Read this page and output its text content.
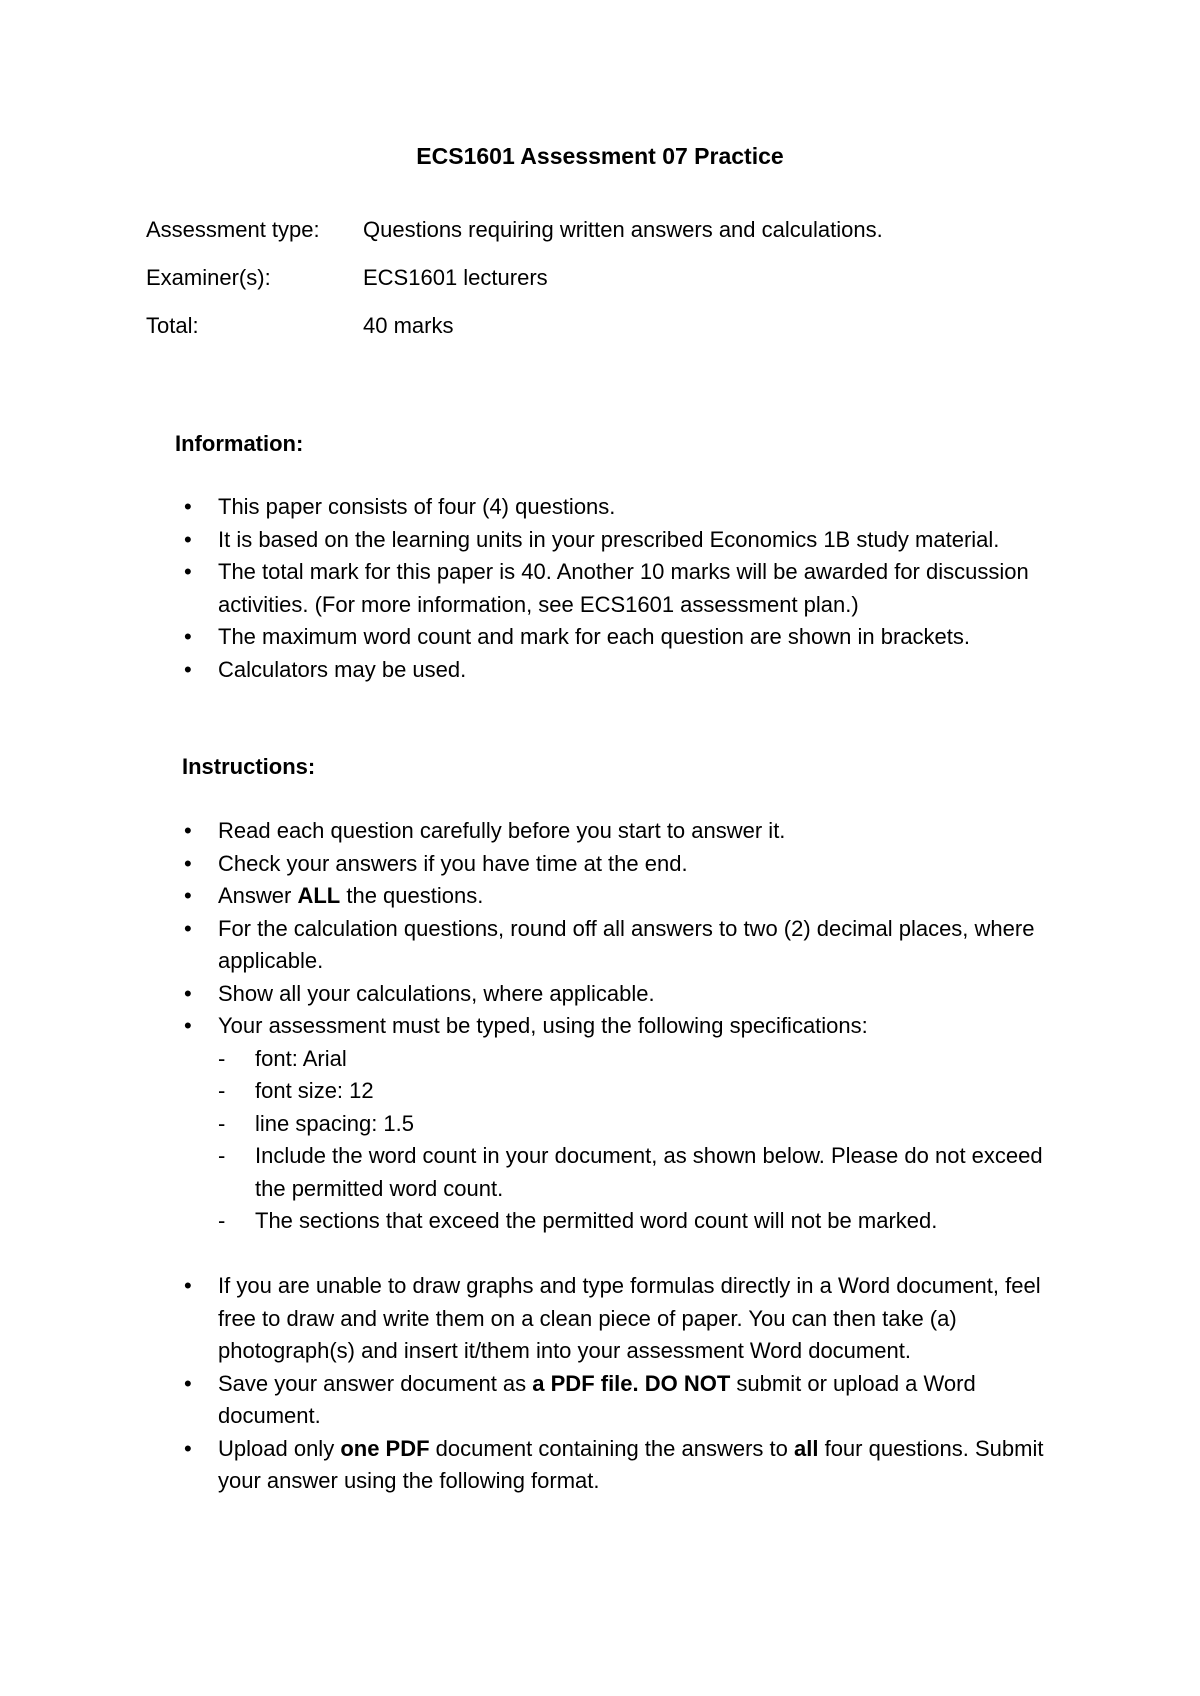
ECS1601 Assessment 07 Practice
Assessment type: Questions requiring written answers and calculations.
Examiner(s):	ECS1601 lecturers
Total:	40 marks
Information:
• This paper consists of four (4) questions.
• It is based on the learning units in your prescribed Economics 1B study material.
• The total mark for this paper is 40. Another 10 marks will be awarded for discussion activities. (For more information, see ECS1601 assessment plan.)
• The maximum word count and mark for each question are shown in brackets.
• Calculators may be used.
Instructions:
• Read each question carefully before you start to answer it.
• Check your answers if you have time at the end.
• Answer ALL the questions.
• For the calculation questions, round off all answers to two (2) decimal places, where applicable.
• Show all your calculations, where applicable.
• Your assessment must be typed, using the following specifications:
- font: Arial
- font size: 12
- line spacing: 1.5
- Include the word count in your document, as shown below. Please do not exceed the permitted word count.
- The sections that exceed the permitted word count will not be marked.
• If you are unable to draw graphs and type formulas directly in a Word document, feel free to draw and write them on a clean piece of paper. You can then take (a) photograph(s) and insert it/them into your assessment Word document.
• Save your answer document as a PDF file. DO NOT submit or upload a Word document.
• Upload only one PDF document containing the answers to all four questions. Submit your answer using the following format.
